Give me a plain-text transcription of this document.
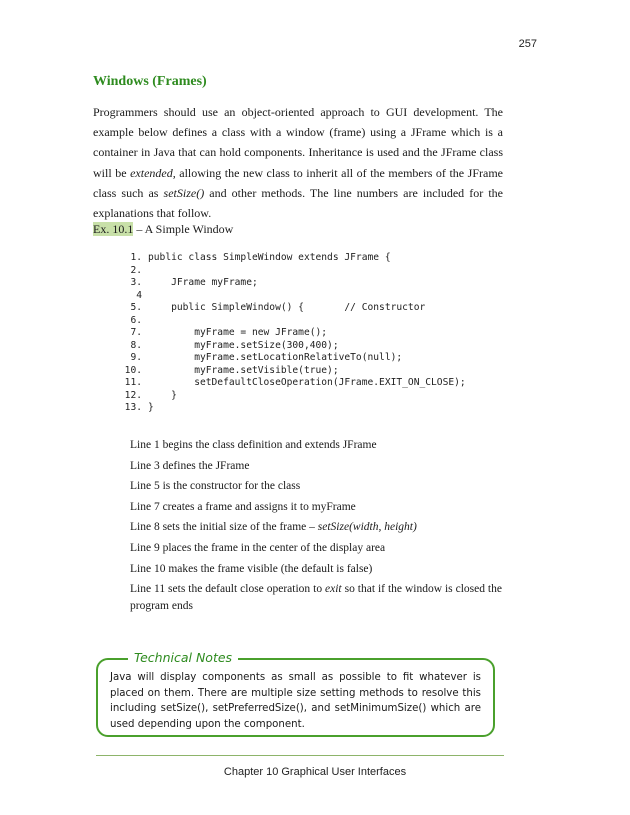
257
Windows (Frames)

Programmers should use an object-oriented approach to GUI development. The example below defines a class with a window (frame) using a JFrame which is a container in Java that can hold components. Inheritance is used and the JFrame class will be extended, allowing the new class to inherit all of the members of the JFrame class such as setSize() and other methods. The line numbers are included for the explanations that follow.

Ex. 10.1 – A Simple Window
1. public class SimpleWindow extends JFrame {
2.
3. JFrame myFrame;
4
5. public SimpleWindow() {       // Constructor
6.
7. myFrame = new JFrame();
8. myFrame.setSize(300,400);
9. myFrame.setLocationRelativeTo(null);
10. myFrame.setVisible(true);
11. setDefaultCloseOperation(JFrame.EXIT_ON_CLOSE);
12. }
13. }
Line 1 begins the class definition and extends JFrame
Line 3 defines the JFrame
Line 5 is the constructor for the class
Line 7 creates a frame and assigns it to myFrame
Line 8 sets the initial size of the frame – setSize(width, height)
Line 9 places the frame in the center of the display area
Line 10 makes the frame visible (the default is false)
Line 11 sets the default close operation to exit so that if the window is closed the program ends
Technical Notes

Java will display components as small as possible to fit whatever is placed on them. There are multiple size setting methods to resolve this including setSize(), setPreferredSize(), and setMinimumSize() which are used depending upon the component.

Chapter 10 Graphical User Interfaces
